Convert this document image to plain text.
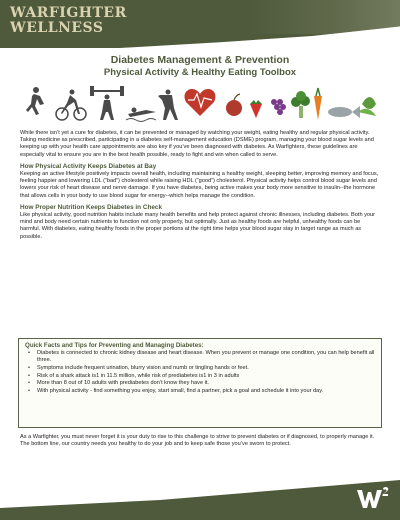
WARFIGHTER
WELLNESS
Diabetes Management & Prevention
Physical Activity & Healthy Eating Toolbox

While there isn’t yet a cure for diabetes, it can be prevented or managed by watching your weight, eating healthy and regular physical activity. Taking medicine as prescribed, participating in a diabetes self-management education (DSME) program, managing your blood sugar levels and keeping up with your health care appointments are also key if you’ve been diagnosed with diabetes. As Warfighters, these guidelines are especially vital to ensure you are in the best health possible, ready to fight and win when called to serve.

How Physical Activity Keeps Diabetes at Bay

Keeping an active lifestyle positively impacts overall health, including maintaining a healthy weight, sleeping better, improving memory and focus, feeling happier and lowering LDL (“bad”) cholesterol while raising HDL (“good”) cholesterol. Physical activity helps control blood sugar levels and lowers your risk of heart disease and nerve damage. If you have diabetes, being active makes your body more sensitive to insulin--the hormone that allows cells in your body to use blood sugar for energy--which helps manage the condition.

How Proper Nutrition Keeps Diabetes in Check

Like physical activity, good nutrition habits include many health benefits and help protect against chronic illnesses, including diabetes. Both your mind and body need certain nutrients to function not only properly, but optimally. Just as healthy foods are helpful, unhealthy foods can be harmful. With diabetes, eating healthy foods in the proper portions at the right time helps your blood sugar stay in target range as much as possible.

Quick Facts and Tips for Preventing and Managing Diabetes:
• Diabetes is connected to chronic kidney disease and heart disease. When you prevent or manage one condition, you can help benefit all three.
• Symptoms include frequent urination, blurry vision and numb or tingling hands or feet.
• Risk of a shark attack is1 in 11.5 million, while risk of prediabetes is1 in 3 in adults
• More than 8 out of 10 adults with prediabetes don’t know they have it.
• With physical activity - find something you enjoy, start small, find a partner, pick a goal and schedule it into your day.

As a Warfighter, you must never forget it is your duty to rise to this challenge to strive to prevent diabetes or if diagnosed, to properly manage it. The bottom line, our country needs you healthy to do your job and to keep safe those you’ve sworn to protect.
